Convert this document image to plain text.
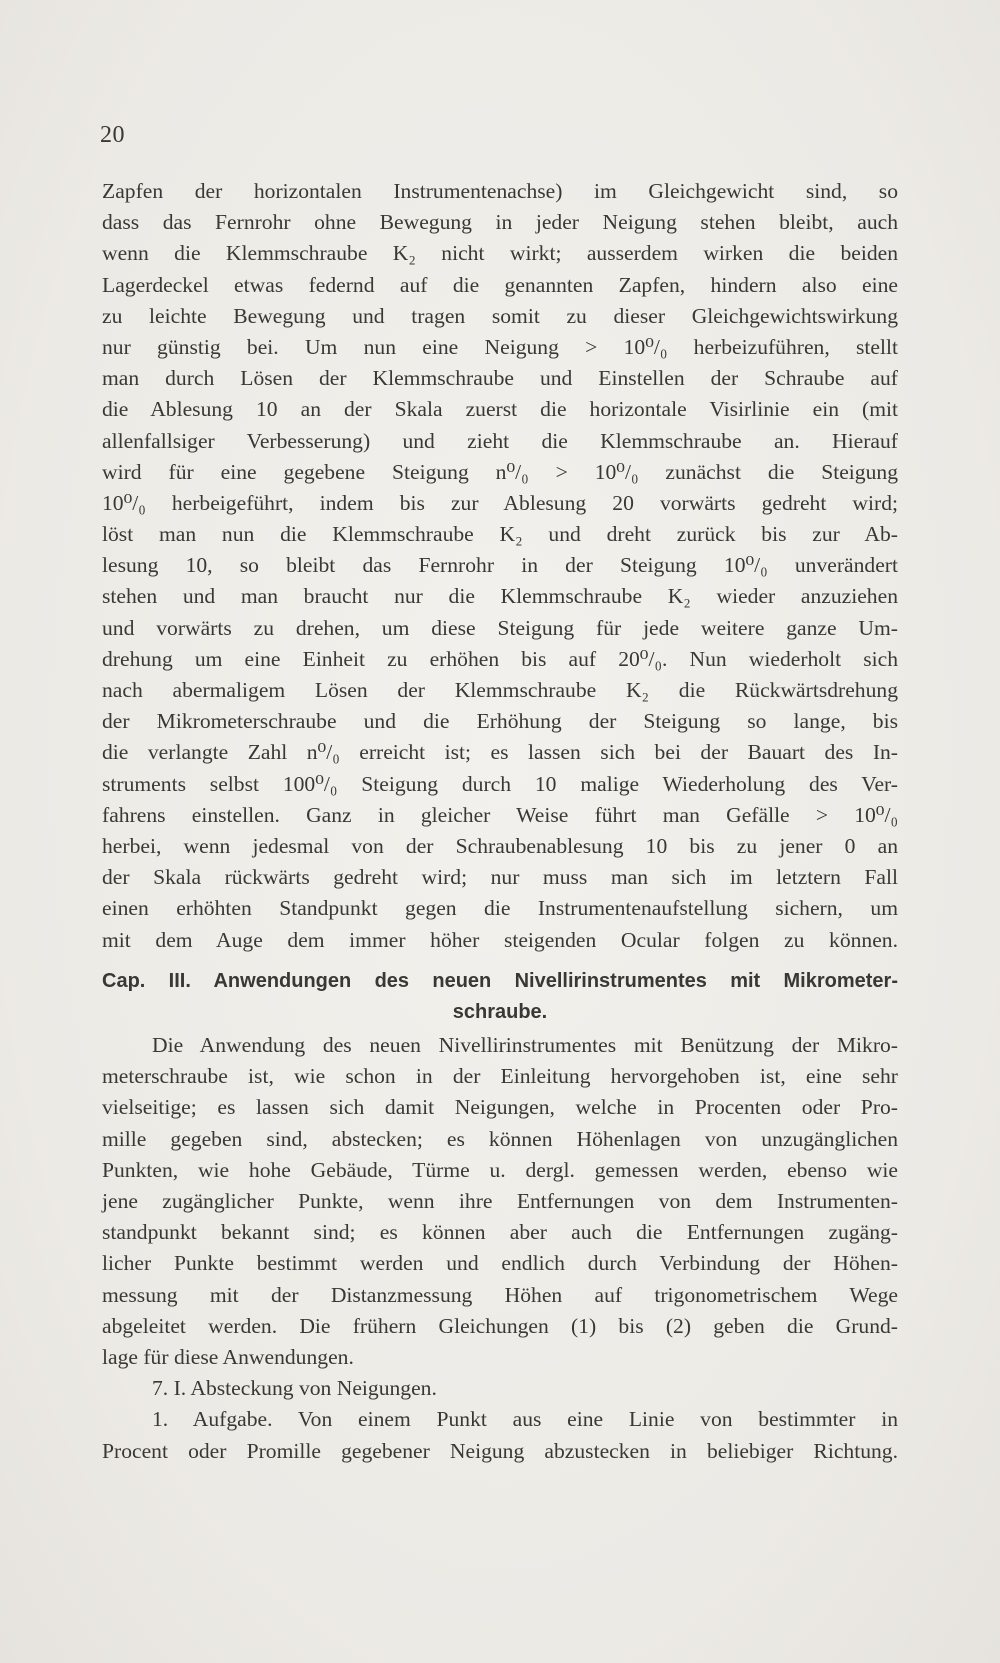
20
Zapfen der horizontalen Instrumentenachse) im Gleichgewicht sind, so
dass das Fernrohr ohne Bewegung in jeder Neigung stehen bleibt, auch
wenn die Klemmschraube K₂ nicht wirkt; ausserdem wirken die beiden
Lagerdeckel etwas federnd auf die genannten Zapfen, hindern also eine
zu leichte Bewegung und tragen somit zu dieser Gleichgewichtswirkung
nur günstig bei. Um nun eine Neigung > 10⁰/₀ herbeizuführen, stellt
man durch Lösen der Klemmschraube und Einstellen der Schraube auf
die Ablesung 10 an der Skala zuerst die horizontale Visirlinie ein (mit
allenfallsiger Verbesserung) und zieht die Klemmschraube an. Hierauf
wird für eine gegebene Steigung n⁰/₀ > 10⁰/₀ zunächst die Steigung
10⁰/₀ herbeigeführt, indem bis zur Ablesung 20 vorwärts gedreht wird;
löst man nun die Klemmschraube K₂ und dreht zurück bis zur Ab-
lesung 10, so bleibt das Fernrohr in der Steigung 10⁰/₀ unverändert
stehen und man braucht nur die Klemmschraube K₂ wieder anzuziehen
und vorwärts zu drehen, um diese Steigung für jede weitere ganze Um-
drehung um eine Einheit zu erhöhen bis auf 20⁰/₀. Nun wiederholt sich
nach abermaligem Lösen der Klemmschraube K₂ die Rückwärtsdrehung
der Mikrometerschraube und die Erhöhung der Steigung so lange, bis
die verlangte Zahl n⁰/₀ erreicht ist; es lassen sich bei der Bauart des In-
struments selbst 100⁰/₀ Steigung durch 10 malige Wiederholung des Ver-
fahrens einstellen. Ganz in gleicher Weise führt man Gefälle > 10⁰/₀
herbei, wenn jedesmal von der Schraubenablesung 10 bis zu jener 0 an
der Skala rückwärts gedreht wird; nur muss man sich im letztern Fall
einen erhöhten Standpunkt gegen die Instrumentenaufstellung sichern, um
mit dem Auge dem immer höher steigenden Ocular folgen zu können.
Cap. III. Anwendungen des neuen Nivellirinstrumentes mit Mikrometer-
schraube.
Die Anwendung des neuen Nivellirinstrumentes mit Benützung der Mikro-
meterschraube ist, wie schon in der Einleitung hervorgehoben ist, eine sehr
vielseitige; es lassen sich damit Neigungen, welche in Procenten oder Pro-
mille gegeben sind, abstecken; es können Höhenlagen von unzugänglichen
Punkten, wie hohe Gebäude, Türme u. dergl. gemessen werden, ebenso wie
jene zugänglicher Punkte, wenn ihre Entfernungen von dem Instrumenten-
standpunkt bekannt sind; es können aber auch die Entfernungen zugäng-
licher Punkte bestimmt werden und endlich durch Verbindung der Höhen-
messung mit der Distanzmessung Höhen auf trigonometrischem Wege
abgeleitet werden. Die frühern Gleichungen (1) bis (2) geben die Grund-
lage für diese Anwendungen.
7. I. Absteckung von Neigungen.
1. Aufgabe. Von einem Punkt aus eine Linie von bestimmter in
Procent oder Promille gegebener Neigung abzustecken in beliebiger Richtung.
